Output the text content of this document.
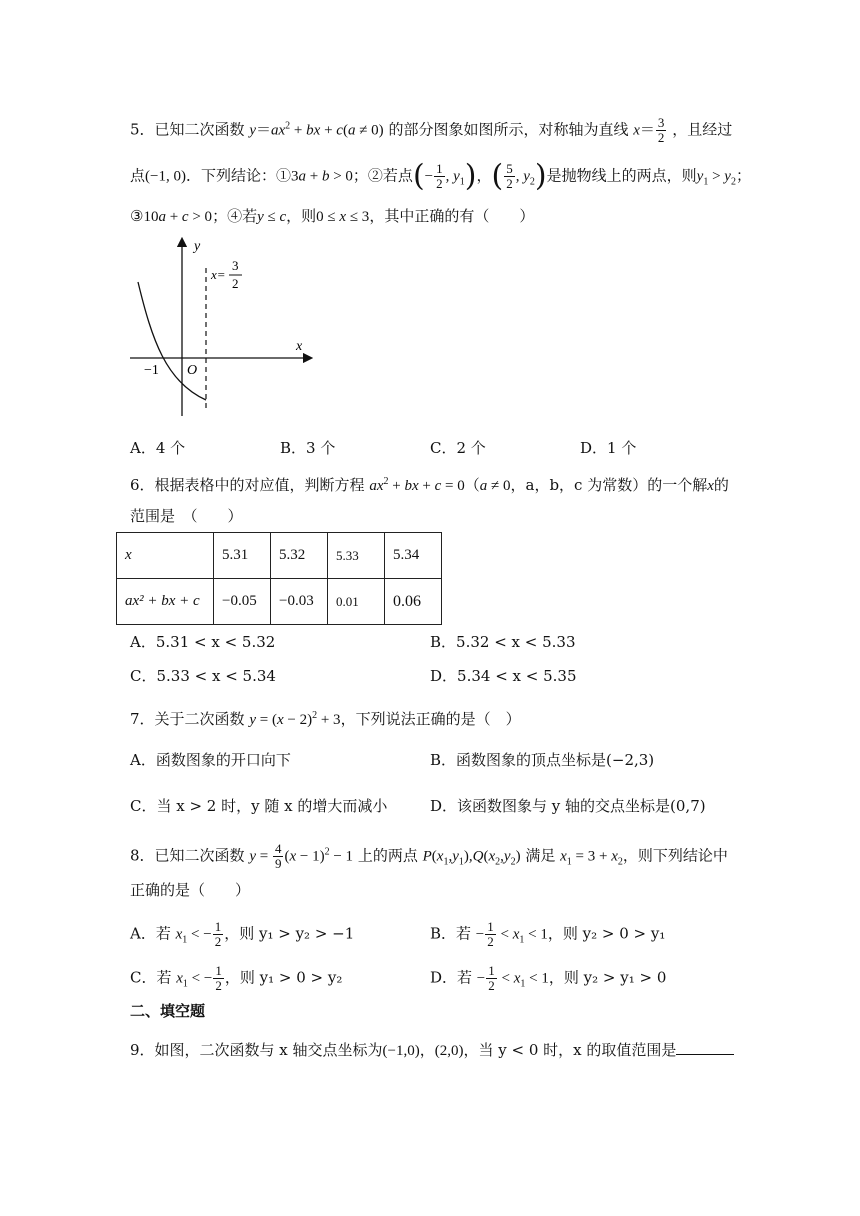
5．已知二次函数 $y=ax^2$ + bx + c(a ≠ 0) 的部分图象如图所示，对称轴为直线 $x= \frac{3}{2}$ ，且经过
点(−1, 0)．下列结论：①3a + b > 0；②若点(− $\frac{1}{2}$ , $y_1$)，( $\frac{5}{2}$ , $y_2$)是抛物线上的两点，则$y_1 > y_2$；
③10a + c > 0；④若y ≤ c，则0 ≤ x ≤ 3，其中正确的有（　　）
y
x
O
−1
x=
3
2
A．4 个	B．3 个	C．2 个	D．1 个
6．根据表格中的对应值，判断方程 $ax^2$ + bx + c = 0（a ≠ 0，a，b，c 为常数）的一个解x的
范围是　（　　）
x	5.31	5.32	5.33	5.34
ax² + bx + c	−0.05	−0.03	0.01	0.06
A．5.31 < x < 5.32	B．5.32 < x < 5.33
C．5.33 < x < 5.34	D．5.34 < x < 5.35
7．关于二次函数 $y = (x - 2)^2 + 3$，下列说法正确的是（　）
A．函数图象的开口向下	B．函数图象的顶点坐标是(−2,3)
C．当 x > 2 时，y 随 x 的增大而减小	D．该函数图象与 y 轴的交点坐标是(0,7)
8．已知二次函数 $y = \frac{4}{9} (x - 1)^2 - 1$ 上的两点 $P(x_1,y_1),Q(x_2,y_2)$ 满足 $x_1 = 3 + x_2$，则下列结论中
正确的是（　　）
A．若 $x_1$ < − $\frac{1}{2}$ ，则 y₁ > y₂ > −1	B．若 − $\frac{1}{2} < x_1 < 1$，则 y₂ > 0 > y₁
C．若 $x_1$ < − $\frac{1}{2}$ ，则 y₁ > 0 > y₂	D．若 − $\frac{1}{2} < x_1 < 1$，则 y₂ > y₁ > 0
二、填空题
9．如图，二次函数与 x 轴交点坐标为(−1,0)，(2,0)，当 y < 0 时，x 的取值范围是
